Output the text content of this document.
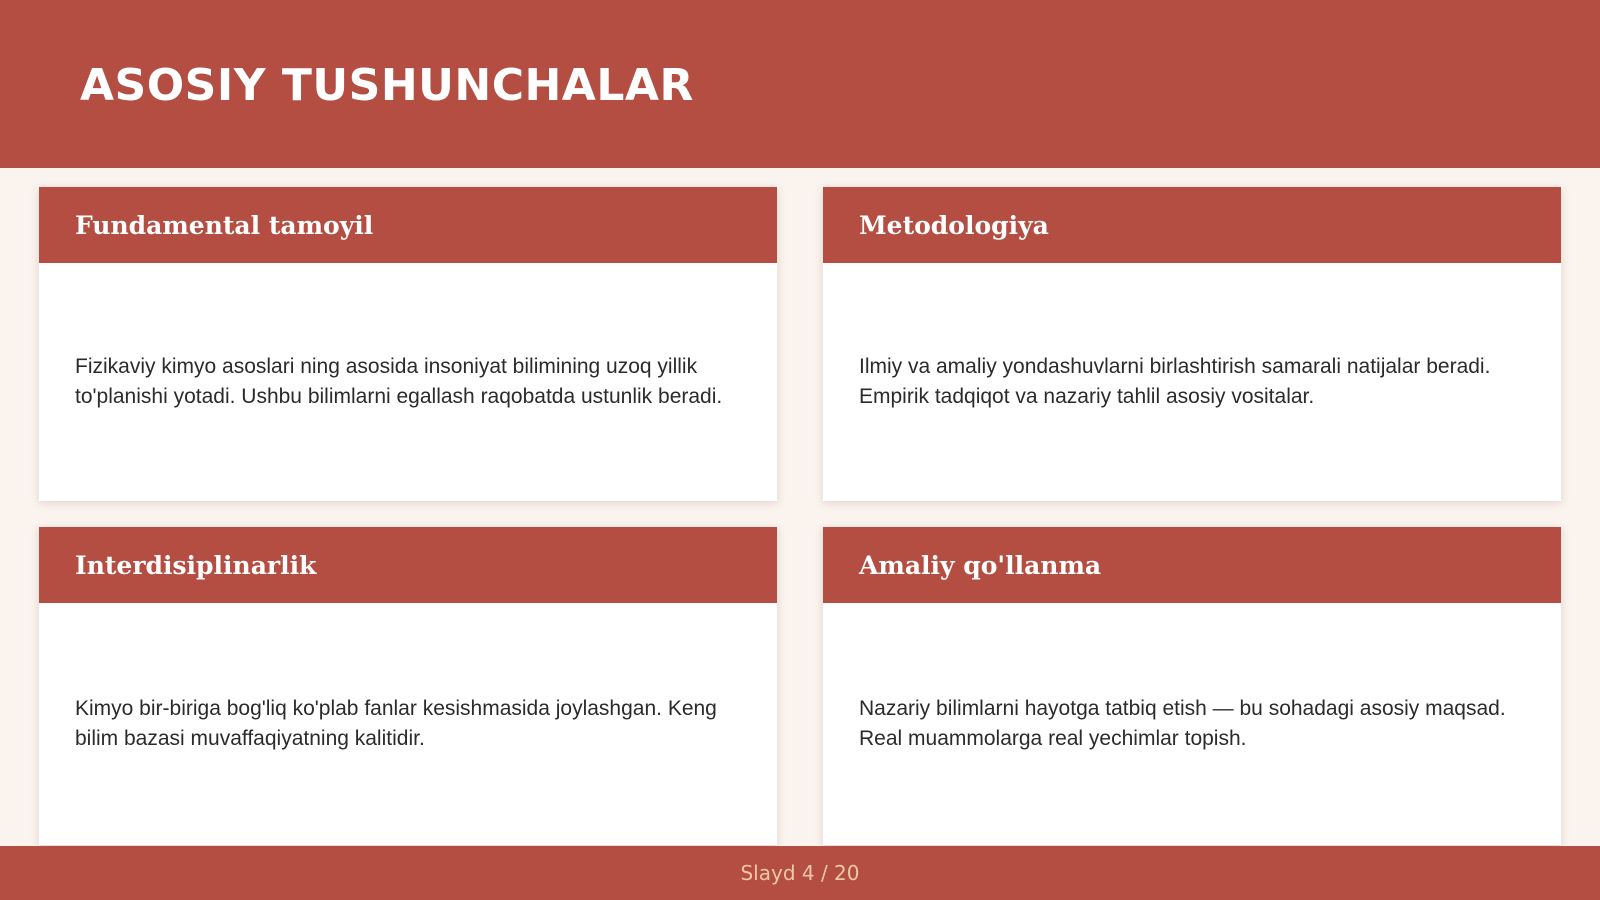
ASOSIY TUSHUNCHALAR
Fundamental tamoyil

Fizikaviy kimyo asoslari ning asosida insoniyat bilimining uzoq yillik to'planishi yotadi. Ushbu bilimlarni egallash raqobatda ustunlik beradi.

Metodologiya

Ilmiy va amaliy yondashuvlarni birlashtirish samarali natijalar beradi. Empirik tadqiqot va nazariy tahlil asosiy vositalar.

Interdisiplinarlik

Kimyo bir-biriga bog'liq ko'plab fanlar kesishmasida joylashgan. Keng bilim bazasi muvaffaqiyatning kalitidir.

Amaliy qo'llanma

Nazariy bilimlarni hayotga tatbiq etish — bu sohadagi asosiy maqsad. Real muammolarga real yechimlar topish.

Slayd 4 / 20
